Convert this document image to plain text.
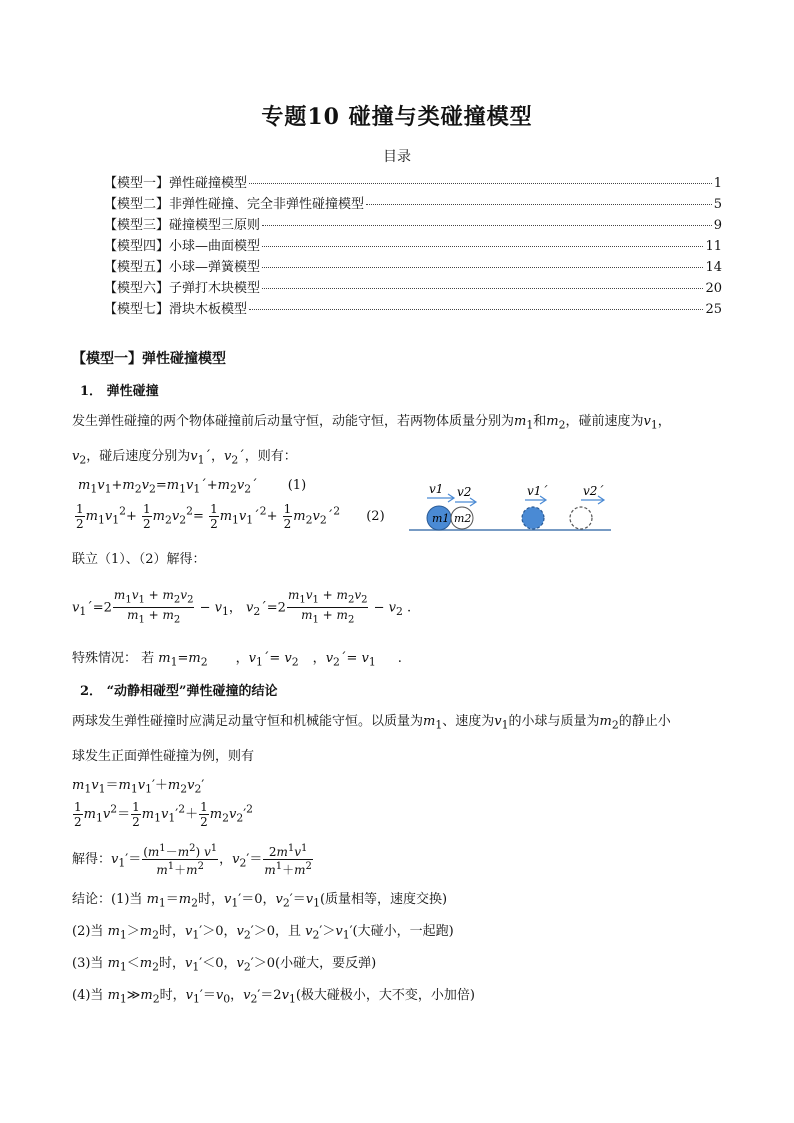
专题10 碰撞与类碰撞模型
目录
【模型一】弹性碰撞模型	1
【模型二】非弹性碰撞、完全非弹性碰撞模型	5
【模型三】碰撞模型三原则	9
【模型四】小球—曲面模型	11
【模型五】小球—弹簧模型	14
【模型六】子弹打木块模型	20
【模型七】滑块木板模型	25
【模型一】弹性碰撞模型
1． 弹性碰撞
发生弹性碰撞的两个物体碰撞前后动量守恒，动能守恒，若两物体质量分别为$m_1$和$m_2$，碰前速度为$v_1$，
$v_2$，碰后速度分别为$v_1´$，$v_2´$，则有：
$m_1v_1+m_2v_2=m_1v_1´+m_2v_2´$ (1)
$\frac{1}{2} m_1v_1^2+ \frac{1}{2} m_2v_2^2= \frac{1}{2}$ $m_1v_1´^2+ \frac{1}{2}$ $m_2v_2´^2$ (2)
v1 v2
m1 m2
v1´	v2´
联立（1）、（2）解得：
$v_1´=2 \frac{m_1v_1 + m_2v_2}{m_1 + m_2} - v_1$， $v_2´=2 \frac{m_1v_1 + m_2v_2}{m_1 + m_2} - v_2$ .
特殊情况： 若 $m_1=m_2$ ，$v_1´= v_2$ ，$v_2´= v_1$ .
2． “动静相碰型”弹性碰撞的结论
两球发生弹性碰撞时应满足动量守恒和机械能守恒。以质量为$m_1$、速度为$v_1$的小球与质量为$m_2$的静止小
球发生正面弹性碰撞为例，则有
$m_1v_1=m_1v_1'+m_2v_2'$
$\frac{1}{2} m_1v^2= \frac{1}{2} m_1v_1'^2+ \frac{1}{2} m_2v_2'^2$
解得：$v_1'= \frac{(m^1-m^2) v^1}{m^1+m^2}$ ，$v_2'= \frac{2m^1v^1}{m^1+m^2}$
结论：(1)当 $m_1=m_2$时，$v_1'=0$，$v_2'=v_1$(质量相等，速度交换)
(2)当 $m_1>m_2$时，$v_1'>0$，$v_2'>0$，且 $v_2'>v_1'$(大碰小，一起跑)
(3)当 $m_1<m_2$时，$v_1'<0$，$v_2'>0$(小碰大，要反弹)
(4)当 $m_1≫m_2$时，$v_1'=v_0$，$v_2'=2v_1$(极大碰极小，大不变，小加倍)
